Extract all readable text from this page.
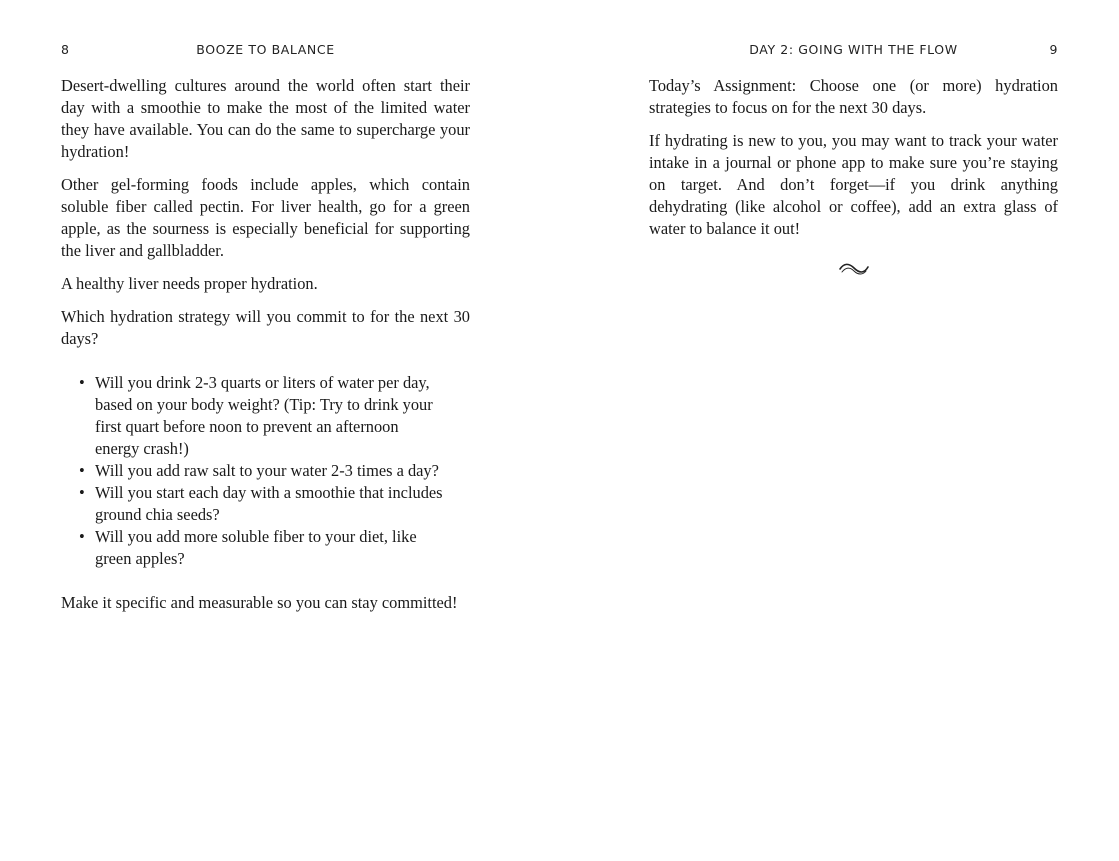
8	BOOZE TO BALANCE

Desert-dwelling cultures around the world often start their day with a smoothie to make the most of the limited water they have available. You can do the same to supercharge your hydration!

Other gel-forming foods include apples, which contain soluble fiber called pectin. For liver health, go for a green apple, as the sourness is especially beneficial for supporting the liver and gallbladder.

A healthy liver needs proper hydration.

Which hydration strategy will you commit to for the next 30 days?

• Will you drink 2-3 quarts or liters of water per day, based on your body weight? (Tip: Try to drink your first quart before noon to prevent an afternoon energy crash!)
• Will you add raw salt to your water 2-3 times a day?
• Will you start each day with a smoothie that includes ground chia seeds?
• Will you add more soluble fiber to your diet, like green apples?

Make it specific and measurable so you can stay committed!

DAY 2: GOING WITH THE FLOW	9

Today’s Assignment: Choose one (or more) hydration strategies to focus on for the next 30 days.

If hydrating is new to you, you may want to track your water intake in a journal or phone app to make sure you’re staying on target. And don’t forget—if you drink anything dehydrating (like alcohol or coffee), add an extra glass of water to balance it out!
